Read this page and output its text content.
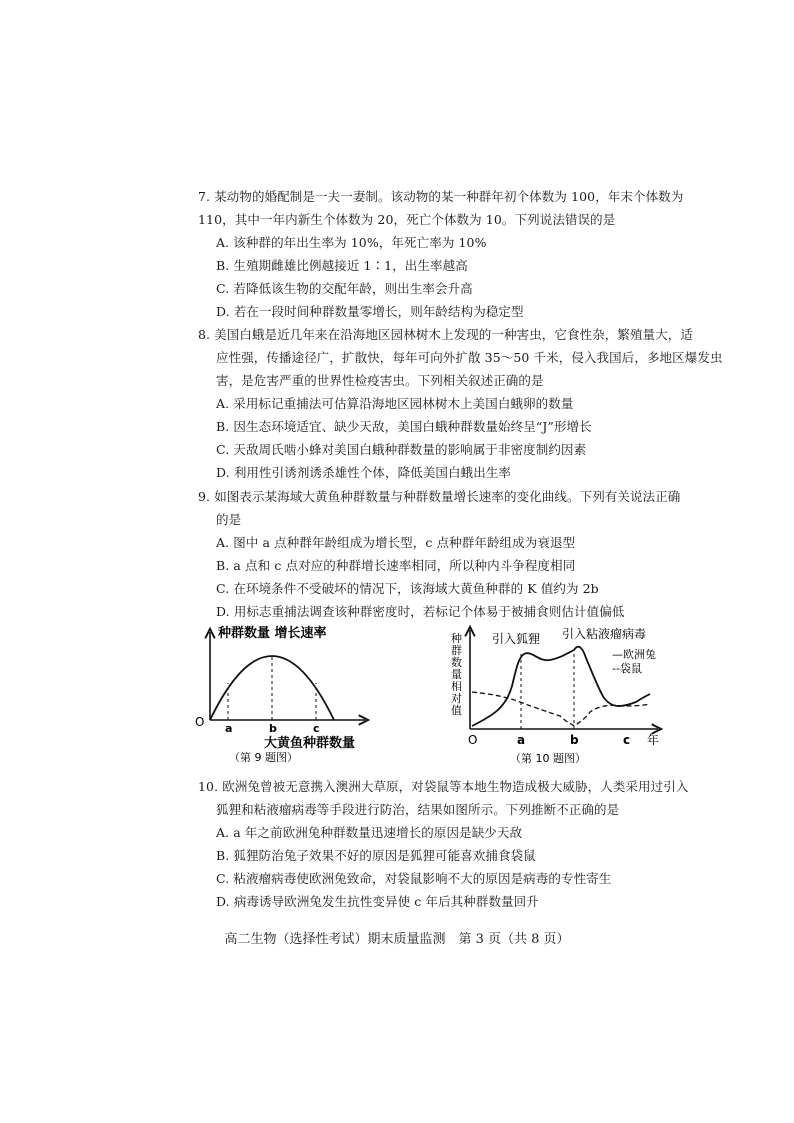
7. 某动物的婚配制是一夫一妻制。该动物的某一种群年初个体数为 100，年末个体数为
110，其中一年内新生个体数为 20，死亡个体数为 10。下列说法错误的是
A. 该种群的年出生率为 10%，年死亡率为 10%
B. 生殖期雌雄比例越接近 1∶1，出生率越高
C. 若降低该生物的交配年龄，则出生率会升高
D. 若在一段时间种群数量零增长，则年龄结构为稳定型
8. 美国白蛾是近几年来在沿海地区园林树木上发现的一种害虫，它食性杂，繁殖量大，适
应性强，传播途径广，扩散快，每年可向外扩散 35～50 千米，侵入我国后，多地区爆发虫
害，是危害严重的世界性检疫害虫。下列相关叙述正确的是
A. 采用标记重捕法可估算沿海地区园林树木上美国白蛾卵的数量
B. 因生态环境适宜、缺少天敌，美国白蛾种群数量始终呈“J”形增长
C. 天敌周氏啮小蜂对美国白蛾种群数量的影响属于非密度制约因素
D. 利用性引诱剂诱杀雄性个体，降低美国白蛾出生率
9. 如图表示某海域大黄鱼种群数量与种群数量增长速率的变化曲线。下列有关说法正确
的是
A. 图中 a 点种群年龄组成为增长型，c 点种群年龄组成为衰退型
B. a 点和 c 点对应的种群增长速率相同，所以种内斗争程度相同
C. 在环境条件不受破坏的情况下，该海域大黄鱼种群的 K 值约为 2b
D. 用标志重捕法调查该种群密度时，若标记个体易于被捕食则估计值偏低
种群数量 增长速率
O a	b	c
大黄鱼种群数量
（第 9 题图）
O	a	b	c 年
引入狐狸 引入粘液瘤病毒
—欧洲兔
--袋鼠
种
群
数
量
相
对
值
（第 10 题图）
10. 欧洲兔曾被无意携入澳洲大草原，对袋鼠等本地生物造成极大威胁，人类采用过引入
狐狸和粘液瘤病毒等手段进行防治，结果如图所示。下列推断不正确的是
A. a 年之前欧洲兔种群数量迅速增长的原因是缺少天敌
B. 狐狸防治兔子效果不好的原因是狐狸可能喜欢捕食袋鼠
C. 粘液瘤病毒使欧洲兔致命，对袋鼠影响不大的原因是病毒的专性寄生
D. 病毒诱导欧洲兔发生抗性变异使 c 年后其种群数量回升
高二生物（选择性考试）期末质量监测　第 3 页（共 8 页）
